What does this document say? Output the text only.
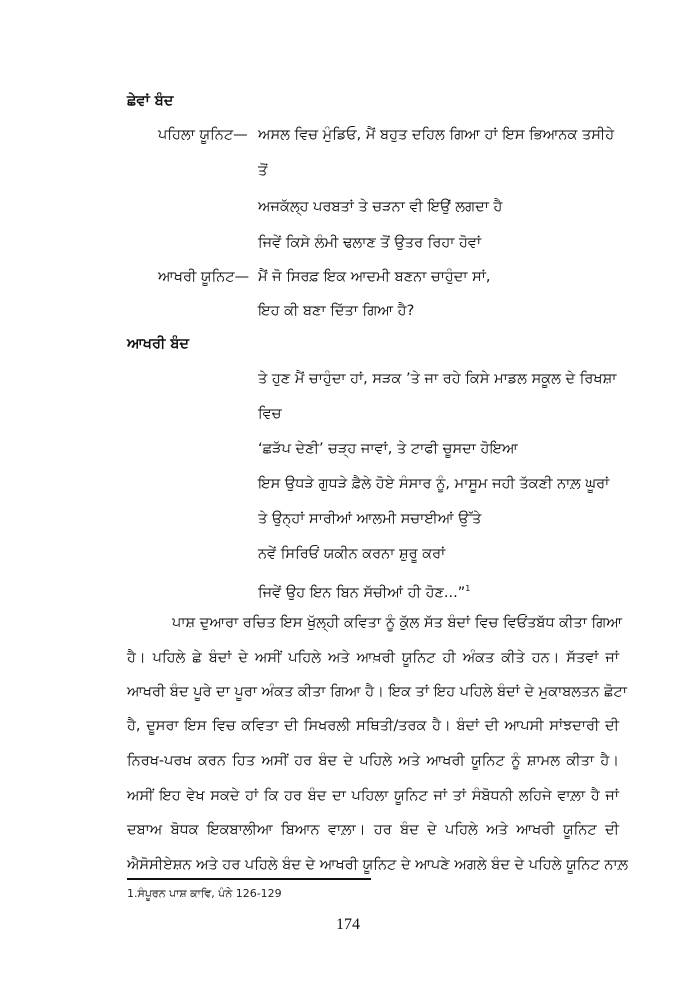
ਛੇਵਾਂ ਬੰਦ
ਪਹਿਲਾ ਯੂਨਿਟ— ਅਸਲ ਵਿਚ ਮੁੰਡਿਓ, ਮੈਂ ਬਹੁਤ ਦਹਿਲ ਗਿਆ ਹਾਂ ਇਸ ਭਿਆਨਕ ਤਸੀਹੇ
ਤੋਂ
ਅਜਕੱਲ੍ਹ ਪਰਬਤਾਂ ਤੇ ਚੜਨਾ ਵੀ ਇਉਂ ਲਗਦਾ ਹੈ
ਜਿਵੇਂ ਕਿਸੇ ਲੰਮੀ ਢਲਾਣ ਤੋਂ ਉਤਰ ਰਿਹਾ ਹੋਵਾਂ
ਆਖਰੀ ਯੂਨਿਟ— ਮੈਂ ਜੋ ਸਿਰਫ਼ ਇਕ ਆਦਮੀ ਬਣਨਾ ਚਾਹੁੰਦਾ ਸਾਂ,
ਇਹ ਕੀ ਬਣਾ ਦਿੱਤਾ ਗਿਆ ਹੈ?
ਆਖਰੀ ਬੰਦ
ਤੇ ਹੁਣ ਮੈਂ ਚਾਹੁੰਦਾ ਹਾਂ, ਸੜਕ ’ਤੇ ਜਾ ਰਹੇ ਕਿਸੇ ਮਾਡਲ ਸਕੂਲ ਦੇ ਰਿਖਸ਼ਾ
ਵਿਚ
‘ਛੜੱਪ ਦੇਣੀ’ ਚੜ੍ਹ ਜਾਵਾਂ, ਤੇ ਟਾਫੀ ਚੂਸਦਾ ਹੋਇਆ
ਇਸ ਉਧੜੇ ਗੁਧੜੇ ਫ਼ੈਲੇ ਹੋਏ ਸੰਸਾਰ ਨੂੰ, ਮਾਸੂਮ ਜਹੀ ਤੱਕਣੀ ਨਾਲ਼ ਘੂਰਾਂ
ਤੇ ਉਨ੍ਹਾਂ ਸਾਰੀਆਂ ਆਲਮੀ ਸਚਾਈਆਂ ਉੱਤੇ
ਨਵੇਂ ਸਿਰਿਓਂ ਯਕੀਨ ਕਰਨਾ ਸ਼ੁਰੂ ਕਰਾਂ
ਜਿਵੇਂ ਉਹ ਇਨ ਬਿਨ ਸੱਚੀਆਂ ਹੀ ਹੋਣ...”$^1$
ਪਾਸ਼ ਦੁਆਰਾ ਰਚਿਤ ਇਸ ਖੁੱਲ੍ਹੀ ਕਵਿਤਾ ਨੂੰ ਕੁੱਲ ਸੱਤ ਬੰਦਾਂ ਵਿਚ ਵਿਓਂਤਬੱਧ ਕੀਤਾ ਗਿਆ
ਹੈ। ਪਹਿਲੇ ਛੇ ਬੰਦਾਂ ਦੇ ਅਸੀਂ ਪਹਿਲੇ ਅਤੇ ਆਖ਼ਰੀ ਯੂਨਿਟ ਹੀ ਅੰਕਤ ਕੀਤੇ ਹਨ। ਸੱਤਵਾਂ ਜਾਂ
ਆਖਰੀ ਬੰਦ ਪੂਰੇ ਦਾ ਪੂਰਾ ਅੰਕਤ ਕੀਤਾ ਗਿਆ ਹੈ। ਇਕ ਤਾਂ ਇਹ ਪਹਿਲੇ ਬੰਦਾਂ ਦੇ ਮੁਕਾਬਲਤਨ ਛੋਟਾ
ਹੈ, ਦੂਸਰਾ ਇਸ ਵਿਚ ਕਵਿਤਾ ਦੀ ਸਿਖਰਲੀ ਸਥਿਤੀ/ਤਰਕ ਹੈ। ਬੰਦਾਂ ਦੀ ਆਪਸੀ ਸਾਂਝਦਾਰੀ ਦੀ
ਨਿਰਖ-ਪਰਖ ਕਰਨ ਹਿਤ ਅਸੀਂ ਹਰ ਬੰਦ ਦੇ ਪਹਿਲੇ ਅਤੇ ਆਖਰੀ ਯੂਨਿਟ ਨੂੰ ਸ਼ਾਮਲ ਕੀਤਾ ਹੈ।
ਅਸੀਂ ਇਹ ਵੇਖ ਸਕਦੇ ਹਾਂ ਕਿ ਹਰ ਬੰਦ ਦਾ ਪਹਿਲਾ ਯੂਨਿਟ ਜਾਂ ਤਾਂ ਸੰਬੋਧਨੀ ਲਹਿਜੇ ਵਾਲ਼ਾ ਹੈ ਜਾਂ
ਦਬਾਅ ਬੋਧਕ ਇਕਬਾਲੀਆ ਬਿਆਨ ਵਾਲ਼ਾ। ਹਰ ਬੰਦ ਦੇ ਪਹਿਲੇ ਅਤੇ ਆਖਰੀ ਯੂਨਿਟ ਦੀ
ਐਸੋਸੀਏਸ਼ਨ ਅਤੇ ਹਰ ਪਹਿਲੇ ਬੰਦ ਦੇ ਆਖਰੀ ਯੂਨਿਟ ਦੇ ਆਪਣੇ ਅਗਲੇ ਬੰਦ ਦੇ ਪਹਿਲੇ ਯੂਨਿਟ ਨਾਲ਼
1.ਸੰਪੂਰਨ ਪਾਸ਼ ਕਾਵਿ, ਪੰਨੇ 126-129
174
